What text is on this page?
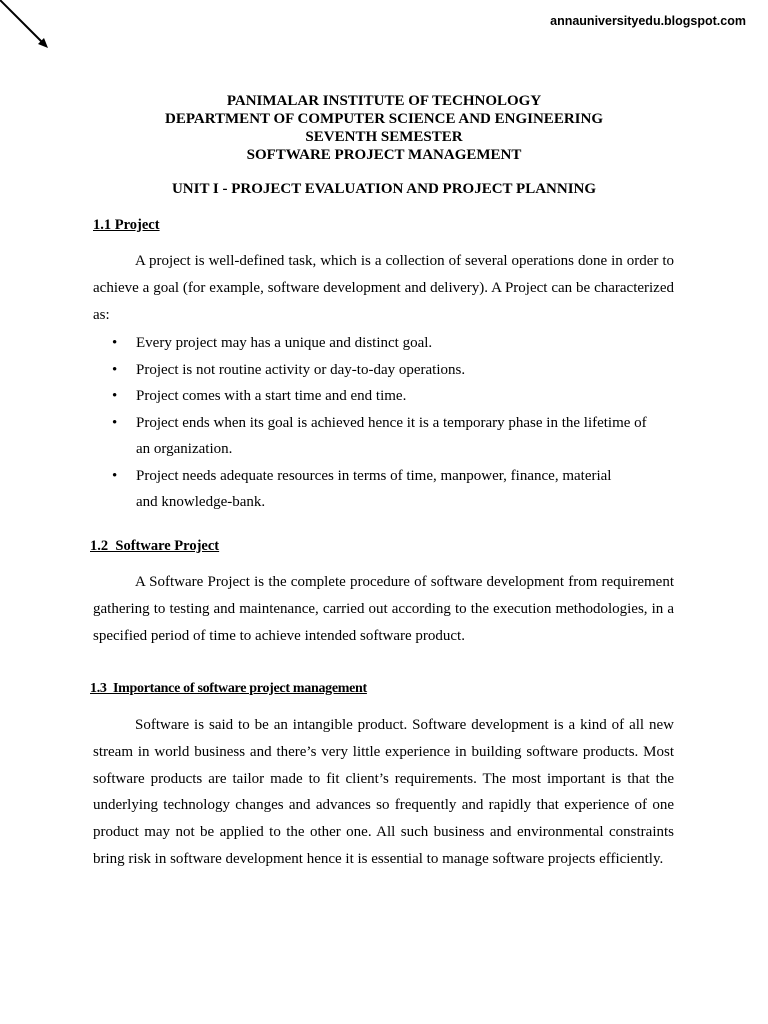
annauniversityedu.blogspot.com
PANIMALAR INSTITUTE OF TECHNOLOGY
DEPARTMENT OF COMPUTER SCIENCE AND ENGINEERING
SEVENTH SEMESTER
SOFTWARE PROJECT MANAGEMENT
UNIT I - PROJECT EVALUATION AND PROJECT PLANNING
1.1 Project
A project is well-defined task, which is a collection of several operations done in order to achieve a goal (for example, software development and delivery). A Project can be characterized as:
• Every project may has a unique and distinct goal.
• Project is not routine activity or day-to-day operations.
• Project comes with a start time and end time.
• Project ends when its goal is achieved hence it is a temporary phase in the lifetime of an organization.
• Project needs adequate resources in terms of time, manpower, finance, material and knowledge-bank.
1.2  Software Project
A Software Project is the complete procedure of software development from requirement gathering to testing and maintenance, carried out according to the execution methodologies, in a specified period of time to achieve intended software product.
1.3  Importance of software project management
Software is said to be an intangible product. Software development is a kind of all new stream in world business and there’s very little experience in building software products. Most software products are tailor made to fit client’s requirements. The most important is that the underlying technology changes and advances so frequently and rapidly that experience of one product may not be applied to the other one. All such business and environmental constraints bring risk in software development hence it is essential to manage software projects efficiently.
